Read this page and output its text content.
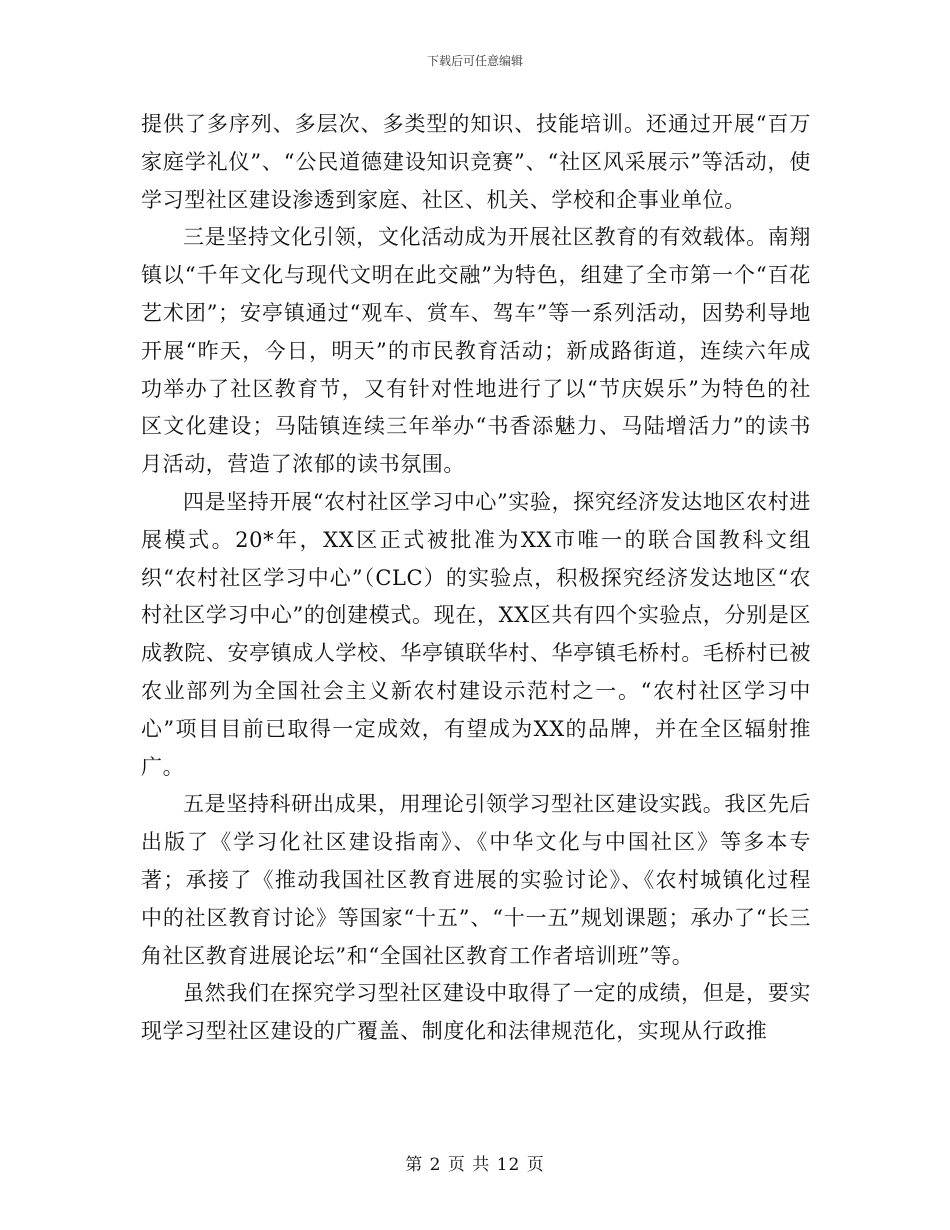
下载后可任意编辑

提供了多序列、多层次、多类型的知识、技能培训。还通过开展“百万家庭学礼仪”、“公民道德建设知识竞赛”、“社区风采展示”等活动，使学习型社区建设渗透到家庭、社区、机关、学校和企事业单位。

三是坚持文化引领，文化活动成为开展社区教育的有效载体。南翔镇以“千年文化与现代文明在此交融”为特色，组建了全市第一个“百花艺术团”；安亭镇通过“观车、赏车、驾车”等一系列活动，因势利导地开展“昨天，今日，明天”的市民教育活动；新成路街道，连续六年成功举办了社区教育节，又有针对性地进行了以“节庆娱乐”为特色的社区文化建设；马陆镇连续三年举办“书香添魅力、马陆增活力”的读书月活动，营造了浓郁的读书氛围。

四是坚持开展“农村社区学习中心”实验，探究经济发达地区农村进展模式。20*年，XX区正式被批准为XX市唯一的联合国教科文组织“农村社区学习中心”（CLC）的实验点，积极探究经济发达地区“农村社区学习中心”的创建模式。现在，XX区共有四个实验点，分别是区成教院、安亭镇成人学校、华亭镇联华村、华亭镇毛桥村。毛桥村已被农业部列为全国社会主义新农村建设示范村之一。“农村社区学习中心”项目目前已取得一定成效，有望成为XX的品牌，并在全区辐射推广。

五是坚持科研出成果，用理论引领学习型社区建设实践。我区先后出版了《学习化社区建设指南》、《中华文化与中国社区》等多本专著；承接了《推动我国社区教育进展的实验讨论》、《农村城镇化过程中的社区教育讨论》等国家“十五”、“十一五”规划课题；承办了“长三角社区教育进展论坛”和“全国社区教育工作者培训班”等。

虽然我们在探究学习型社区建设中取得了一定的成绩，但是，要实现学习型社区建设的广覆盖、制度化和法律规范化，实现从行政推

第 2 页 共 12 页
